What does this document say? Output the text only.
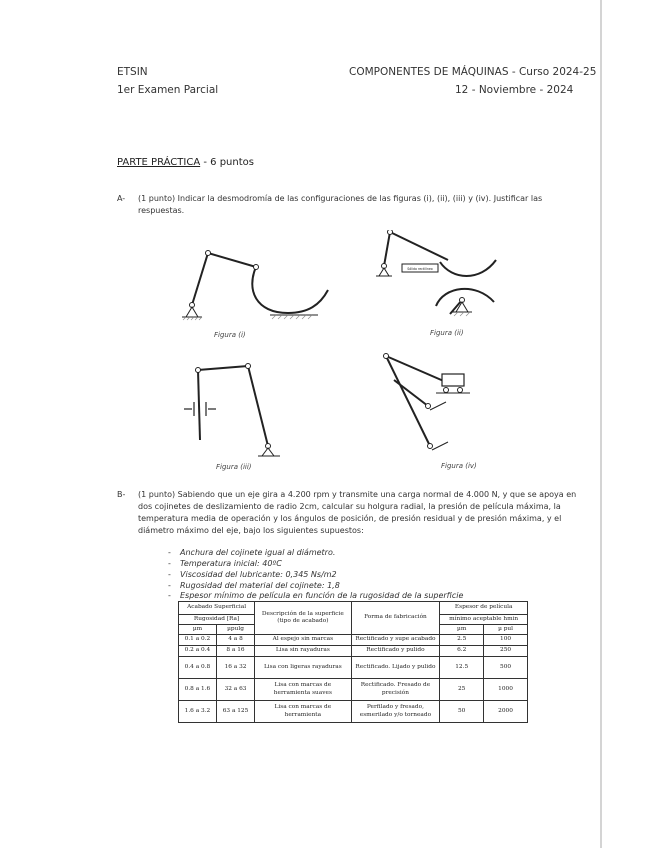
ETSIN
1er Examen Parcial
COMPONENTES DE MÁQUINAS - Curso 2024-25
12 - Noviembre - 2024
PARTE PRÁCTICA - 6 puntos
A- (1 punto) Indicar la desmodromía de las configuraciones de las figuras (i), (ii), (iii) y (iv). Justificar las
respuestas.
Figura (i)
Sólido rectilíneo
Figura (ii)
Figura (iii)	Figura (iv)
B- (1 punto) Sabiendo que un eje gira a 4.200 rpm y transmite una carga normal de 4.000 N, y que se apoya en
dos cojinetes de deslizamiento de radio 2cm, calcular su holgura radial, la presión de película máxima, la
temperatura media de operación y los ángulos de posición, de presión residual y de presión máxima, y el
diámetro máximo del eje, bajo los siguientes supuestos:
- Anchura del cojinete igual al diámetro.
- Temperatura inicial: 40ºC
- Viscosidad del lubricante: 0,345 Ns/m2
- Rugosidad del material del cojinete: 1,8
- Espesor mínimo de película en función de la rugosidad de la superficie
Acabado Superficial		Descripción de la superficie
(tipo de acabado)	Forma de fabricación	Espesor de película	
Rugosidad [Ra]				mínimo aceptable hmin	
µm	µpulg			µm	µ pul
0.1 a 0.2	4 a 8	Al espejo sin marcas	Rectificado y supe acabado	2.5	100
0.2 a 0.4	8 a 16	Lisa sin rayaduras	Rectificado y pulido	6.2	250
0.4 a 0.8	16 a 32	Lisa con ligeras rayaduras	Rectificado. Lijado y pulido	12.5	500
0.8 a 1.6	32 a 63	Lisa con marcas de herramienta suaves	Rectificado. Fresado de precisión	25	1000
1.6 a 3.2	63 a 125	Lisa con marcas de herramienta	Perfilado y fresado, esmerilado y/o torneado	50	2000
